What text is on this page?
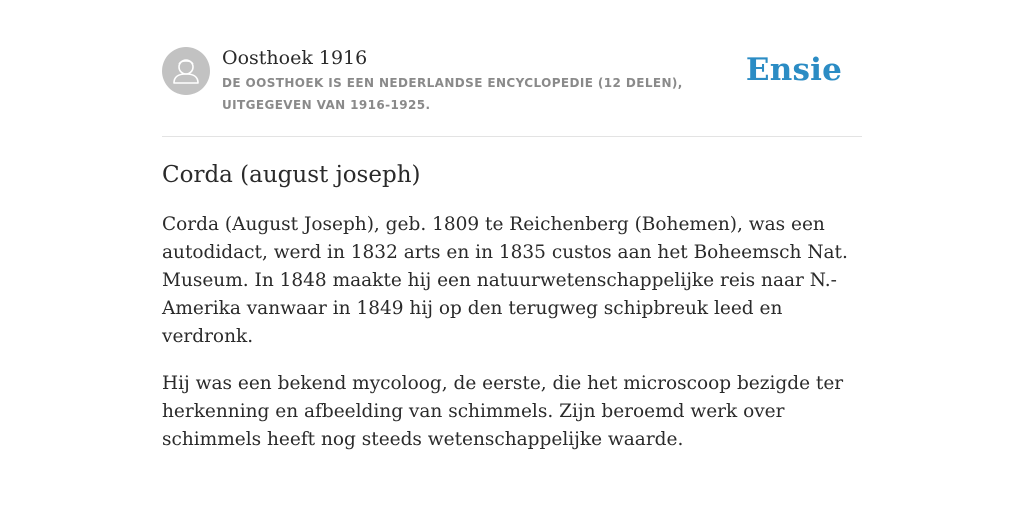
Oosthoek 1916

DE OOSTHOEK IS EEN NEDERLANDSE ENCYCLOPEDIE (12 DELEN), UITGEGEVEN VAN 1916-1925.

Ensie
Corda (august joseph)

Corda (August Joseph), geb. 1809 te Reichenberg (Bohemen), was een autodidact, werd in 1832 arts en in 1835 custos aan het Boheemsch Nat. Museum. In 1848 maakte hij een natuurwetenschappelijke reis naar N.-Amerika vanwaar in 1849 hij op den terugweg schipbreuk leed en verdronk.

Hij was een bekend mycoloog, de eerste, die het microscoop bezigde ter herkenning en afbeelding van schimmels. Zijn beroemd werk over schimmels heeft nog steeds wetenschappelijke waarde.
